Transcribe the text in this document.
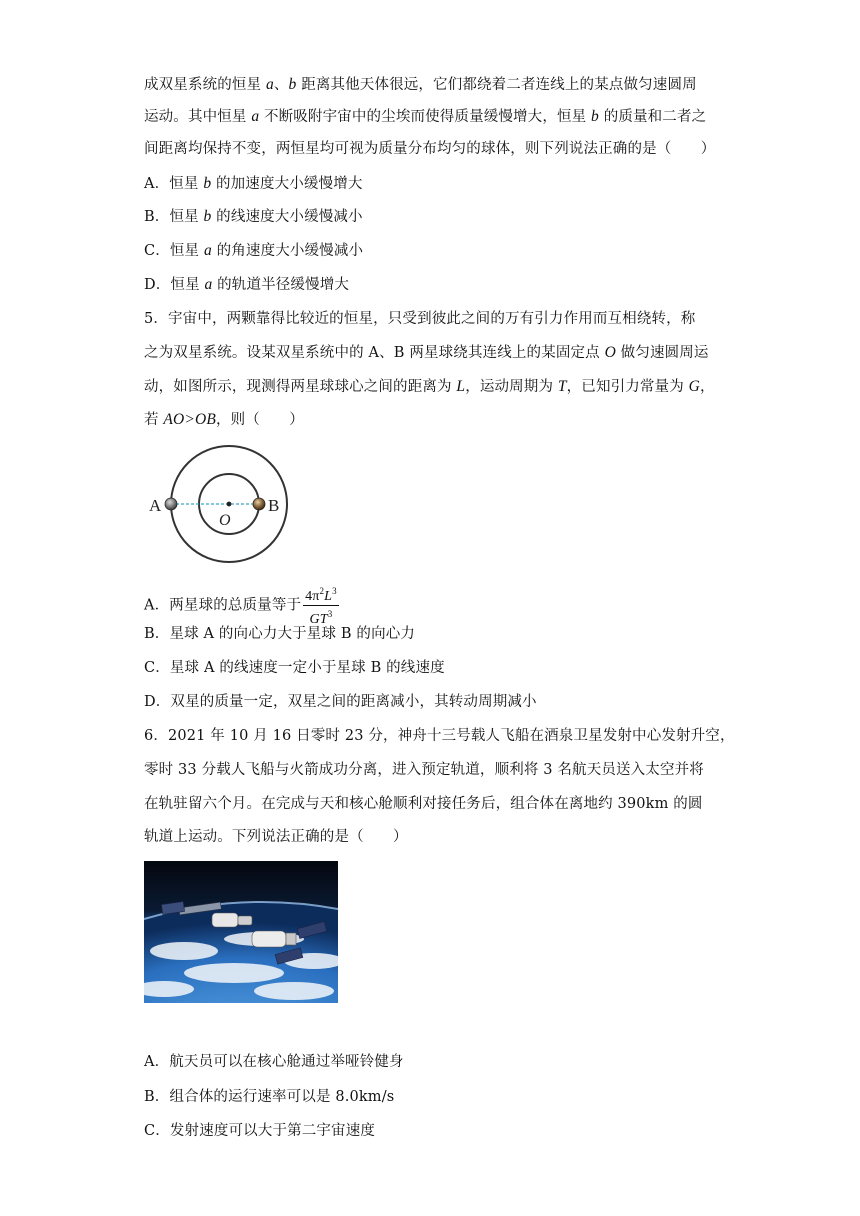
成双星系统的恒星 a、b 距离其他天体很远，它们都绕着二者连线上的某点做匀速圆周
运动。其中恒星 a 不断吸附宇宙中的尘埃而使得质量缓慢增大，恒星 b 的质量和二者之
间距离均保持不变，两恒星均可视为质量分布均匀的球体，则下列说法正确的是（　　）
A．恒星 b 的加速度大小缓慢增大
B．恒星 b 的线速度大小缓慢减小
C．恒星 a 的角速度大小缓慢减小
D．恒星 a 的轨道半径缓慢增大
5．宇宙中，两颗靠得比较近的恒星，只受到彼此之间的万有引力作用而互相绕转，称
之为双星系统。设某双星系统中的 A、B 两星球绕其连线上的某固定点 O 做匀速圆周运
动，如图所示，现测得两星球球心之间的距离为 L，运动周期为 T，已知引力常量为 G，
若 AO>OB，则（　　）
A	B
O
A．两星球的总质量等于 $\frac{4\pi^2L^3}{GT^3}$
B．星球 A 的向心力大于星球 B 的向心力
C．星球 A 的线速度一定小于星球 B 的线速度
D．双星的质量一定，双星之间的距离减小，其转动周期减小
6．2021 年 10 月 16 日零时 23 分，神舟十三号载人飞船在酒泉卫星发射中心发射升空，
零时 33 分载人飞船与火箭成功分离，进入预定轨道，顺利将 3 名航天员送入太空并将
在轨驻留六个月。在完成与天和核心舱顺利对接任务后，组合体在离地约 390km 的圆
轨道上运动。下列说法正确的是（　　）
A．航天员可以在核心舱通过举哑铃健身
B．组合体的运行速率可以是 8.0km/s
C．发射速度可以大于第二宇宙速度
